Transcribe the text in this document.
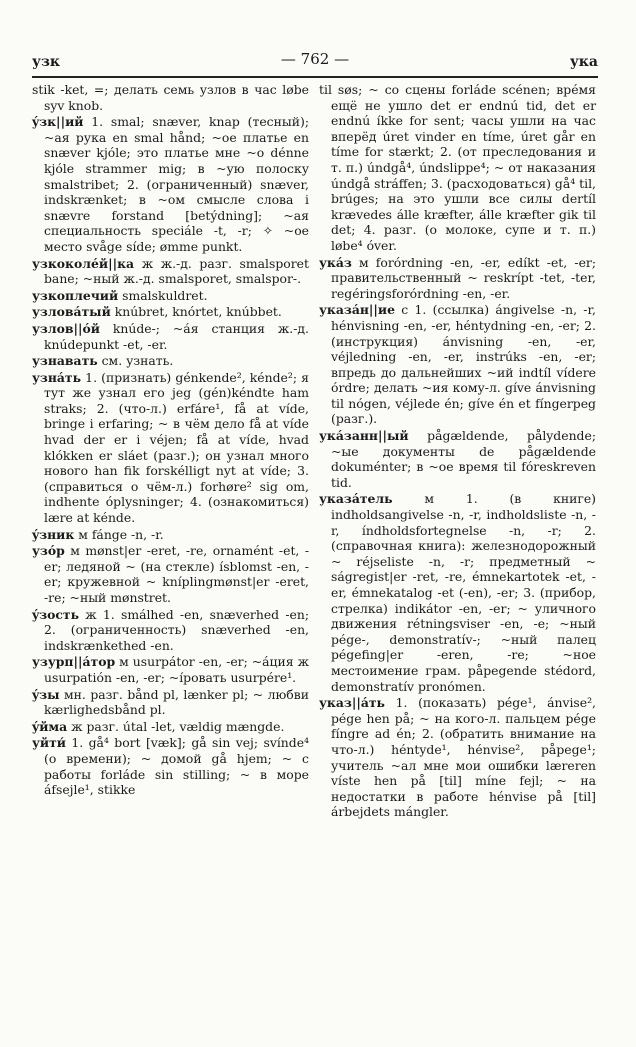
узк	— 762 —	ука

stik -ket, =; делать семь узлов в час løbe syv knob.

ýзк||ий 1. smal; snæver, knap (тесный); ~ая рука en smal hånd; ~ое платье en snæver kjóle; это платье мне ~о dénne kjóle strammer mig; в ~ую полоску smalstribet; 2. (ограниченный) snæver, indskrænket; в ~ом смысле слова i snævre forstand [betýdning]; ~ая специальность speciále -t, -r; ✧ ~ое место svåge síde; ømme punkt.

узкоколéй||ка ж ж.-д. разг. smalsporet bane; ~ный ж.-д. smalsporet, smalspor-.

узкоплечий smalskuldret.

узловáтый knúbret, knórtet, knúbbet.

узлов||óй knúde-; ~áя станция ж.-д. knúdepunkt -et, -er.

узнавать см. узнать.

узнáть 1. (признать) génkende², kénde²; я тут же узнал его jeg (gén)kéndte ham straks; 2. (что-л.) erfáre¹, få at víde, bringe i erfaring; ~ в чём дело få at víde hvad der er i véjen; få at víde, hvad klókken er sláet (разг.); он узнал много нового han fik forskélligt nyt at víde; 3. (справиться о чём-л.) forhøre² sig om, indhente óplysninger; 4. (ознакомиться) lære at kénde.

ýзник м fánge -n, -r.

узóр м mønst|er -eret, -re, ornamént -et, -er; ледяной ~ (на стекле) ísblomst -en, -er; кружевной ~ kníplingmønst|er -eret, -re; ~ный mønstret.

ýзость ж 1. smálhed -en, snæverhed -en; 2. (ограниченность) snæverhed -en, indskrænkethed -en.

узурп||áтор м usurpátor -en, -er; ~áция ж usurpatión -en, -er; ~íровать usurpére¹.

ýзы мн. разг. bånd pl, lænker pl; ~ любви kærlighedsbånd pl.

ýйма ж разг. útal -let, vældig mængde.

уйти́ 1. gå⁴ bort [væk]; gå sin vej; svínde⁴ (о времени); ~ домой gå hjem; ~ с работы forláde sin stilling; ~ в море áfsejle¹, stikke

til søs; ~ со сцены forláde scénen; врéмя ещё не ушло det er endnú tid, det er endnú íkke for sent; часы ушли на час вперёд úret vinder en tíme, úret går en tíme for stærkt; 2. (от преследования и т. п.) úndgå⁴, úndslippe⁴; ~ от наказания úndgå stráffen; 3. (расходоваться) gå⁴ til, brúges; на это ушли все силы dertíl krævedes álle kræfter, álle kræfter gik til det; 4. разг. (о молоке, супе и т. п.) løbe⁴ óver.

укáз м forórdning -en, -er, edíkt -et, -er; правительственный ~ reskrípt -tet, -ter, regéringsforórdning -en, -er.

указáн||ие с 1. (ссылка) ángivelse -n, -r, hénvisning -en, -er, héntydning -en, -er; 2. (инструкция) ánvisning -en, -er, véjledning -en, -er, instrúks -en, -er; впредь до дальнейших ~ий indtíl vídere órdre; делать ~ия кому-л. gíve ánvisning til nógen, véjlede én; gíve én et fíngerpeg (разг.).

укáзанн||ый pågældende, pålydende; ~ые документы de pågældende dokuménter; в ~ое время til fóreskreven tid.

указáтель м 1. (в книге) indholdsangivelse -n, -r, indholdsliste -n, -r, índholdsfortegnelse -n, -r; 2. (справочная книга): железнодорожный ~ réjseliste -n, -r; предметный ~ ságregist|er -ret, -re, émnekartotek -et, -er, émnekatalog -et (-en), -er; 3. (прибор, стрелка) indikátor -en, -er; ~ уличного движения rétningsviser -en, -e; ~ный pége-, demonstratív-; ~ный палец pégefing|er -eren, -re; ~ное местоимение грам. påpegende stédord, demonstratív pronómen.

указ||áть 1. (показать) pége¹, ánvise², pége hen på; ~ на кого-л. пальцем pége fíngre ad én; 2. (обратить внимание на что-л.) héntyde¹, hénvise², påpege¹; учитель ~ал мне мои ошибки læreren víste hen på [til] míne fejl; ~ на недостатки в работе hénvise på [til] árbejdets mángler.
